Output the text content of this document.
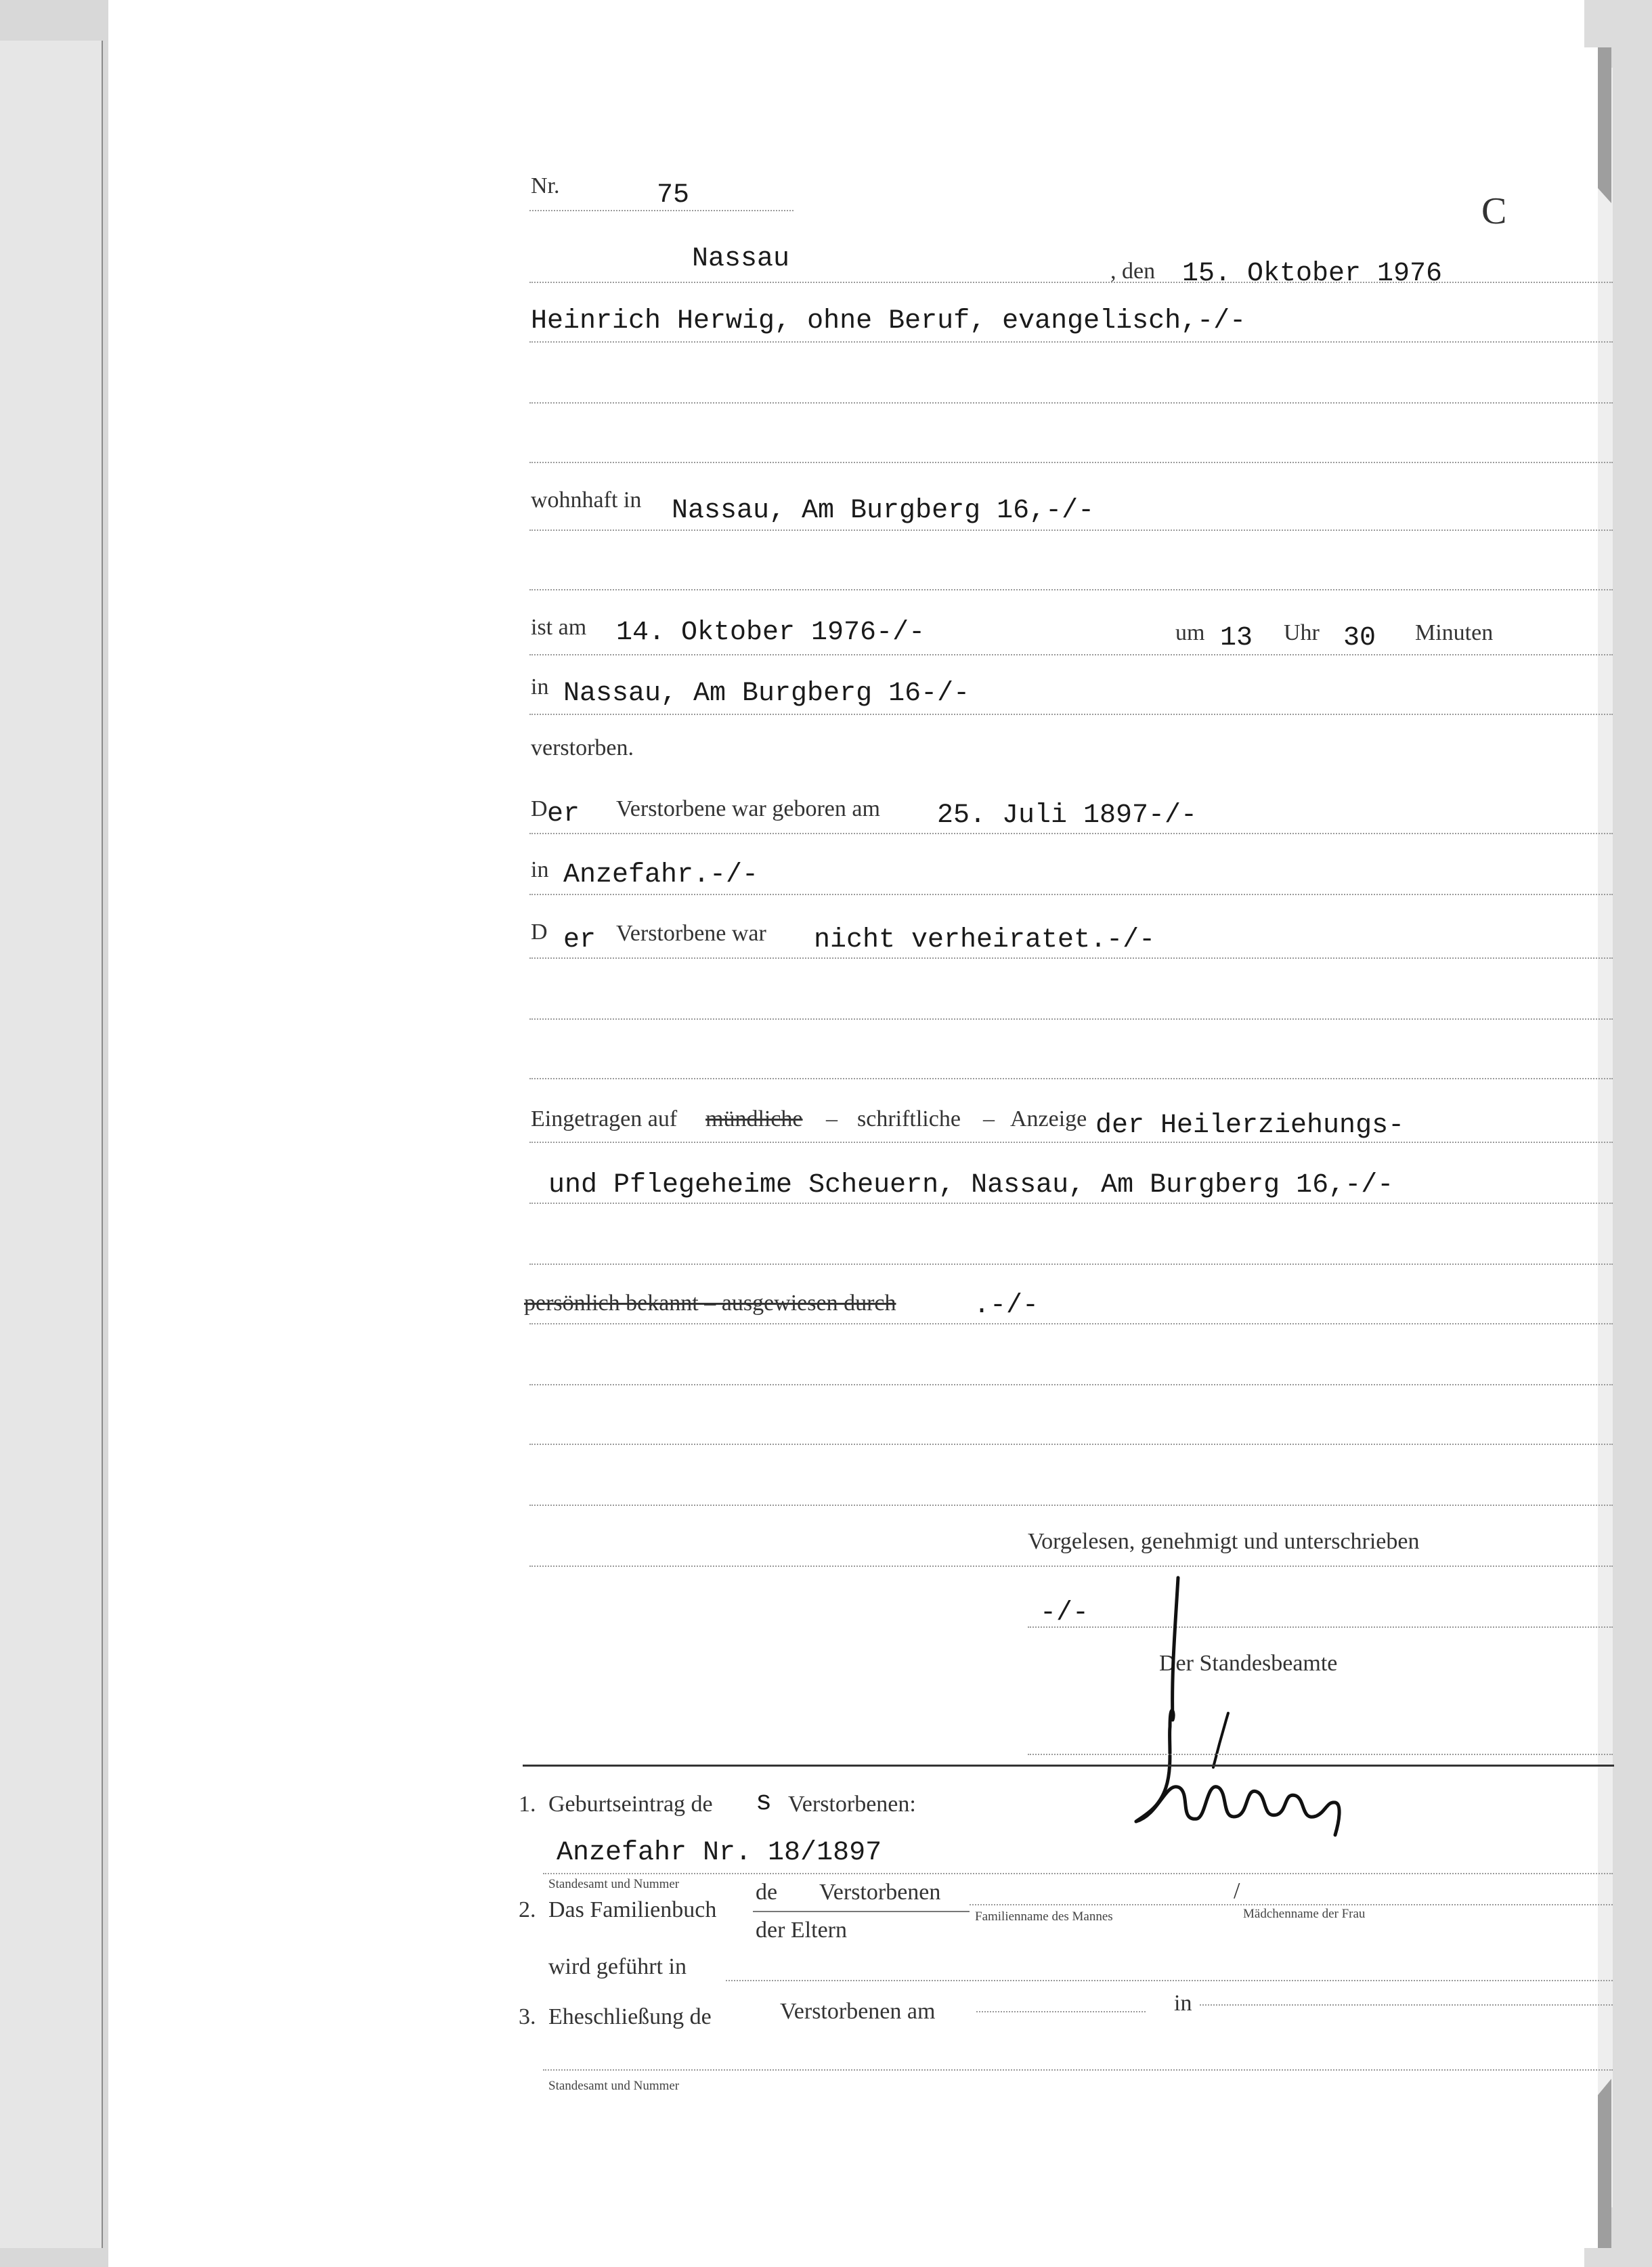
Nr.	75	C
Nassau	, den 15. Oktober 1976
Heinrich Herwig, ohne Beruf, evangelisch,-/-
wohnhaft in Nassau, Am Burgberg 16,-/-
ist am 14. Oktober 1976-/-	um 13 Uhr 30 Minuten
in Nassau, Am Burgberg 16-/-
verstorben.
D er Verstorbene war geboren am 25. Juli 1897-/-
in Anzefahr.-/-
D er Verstorbene war nicht verheiratet.-/-
Eingetragen auf mündliche – schriftliche – Anzeige der Heilerziehungs-
und Pflegeheime Scheuern, Nassau, Am Burgberg 16,-/-
persönlich bekannt – ausgewiesen durch	.-/-
Vorgelesen, genehmigt und unterschrieben
-/-
Der Standesbeamte
1. Geburtseintrag de s Verstorbenen:
Anzefahr Nr. 18/1897
Standesamt und Nummer
2. Das Familienbuch
de Verstorbenen
der Eltern
/
Familienname des Mannes	Mädchenname der Frau
wird geführt in
3. Eheschließung de	Verstorbenen am	in
Standesamt und Nummer
